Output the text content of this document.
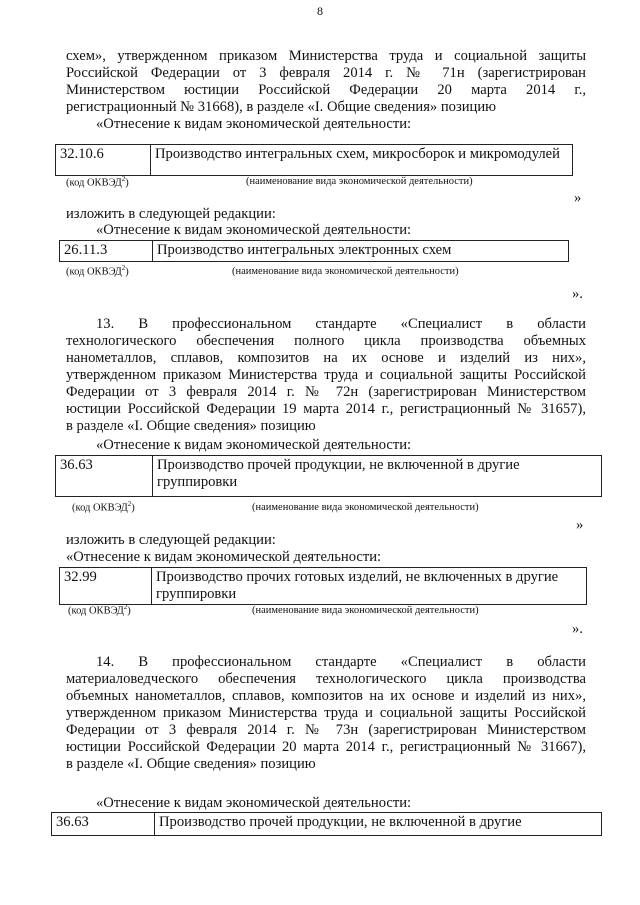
8
схем», утвержденном приказом Министерства труда и социальной защиты
Российской Федерации от 3 февраля 2014 г. № 71н (зарегистрирован
Министерством юстиции Российской Федерации 20 марта 2014 г.,
регистрационный № 31668), в разделе «I. Общие сведения» позицию
«Отнесение к видам экономической деятельности:
32.10.6	Производство интегральных схем, микросборок и микромодулей
(код ОКВЭД$^2$)	(наименование вида экономической деятельности)
»
изложить в следующей редакции:
«Отнесение к видам экономической деятельности:
26.11.3	Производство интегральных электронных схем
(код ОКВЭД$^2$)	(наименование вида экономической деятельности)
».
13. В профессиональном стандарте «Специалист в области
технологического обеспечения полного цикла производства объемных
нанометаллов, сплавов, композитов на их основе и изделий из них»,
утвержденном приказом Министерства труда и социальной защиты Российской
Федерации от 3 февраля 2014 г. № 72н (зарегистрирован Министерством
юстиции Российской Федерации 19 марта 2014 г., регистрационный № 31657),
в разделе «I. Общие сведения» позицию
«Отнесение к видам экономической деятельности:
36.63	Производство прочей продукции, не включенной в другие группировки
(код ОКВЭД$^2$)	(наименование вида экономической деятельности)
»
изложить в следующей редакции:
«Отнесение к видам экономической деятельности:
32.99	Производство прочих готовых изделий, не включенных в другие группировки
(код ОКВЭД$^2$)	(наименование вида экономической деятельности)
».
14. В профессиональном стандарте «Специалист в области
материаловедческого обеспечения технологического цикла производства
объемных нанометаллов, сплавов, композитов на их основе и изделий из них»,
утвержденном приказом Министерства труда и социальной защиты Российской
Федерации от 3 февраля 2014 г. № 73н (зарегистрирован Министерством
юстиции Российской Федерации 20 марта 2014 г., регистрационный № 31667),
в разделе «I. Общие сведения» позицию
«Отнесение к видам экономической деятельности:
36.63	Производство прочей продукции, не включенной в другие
